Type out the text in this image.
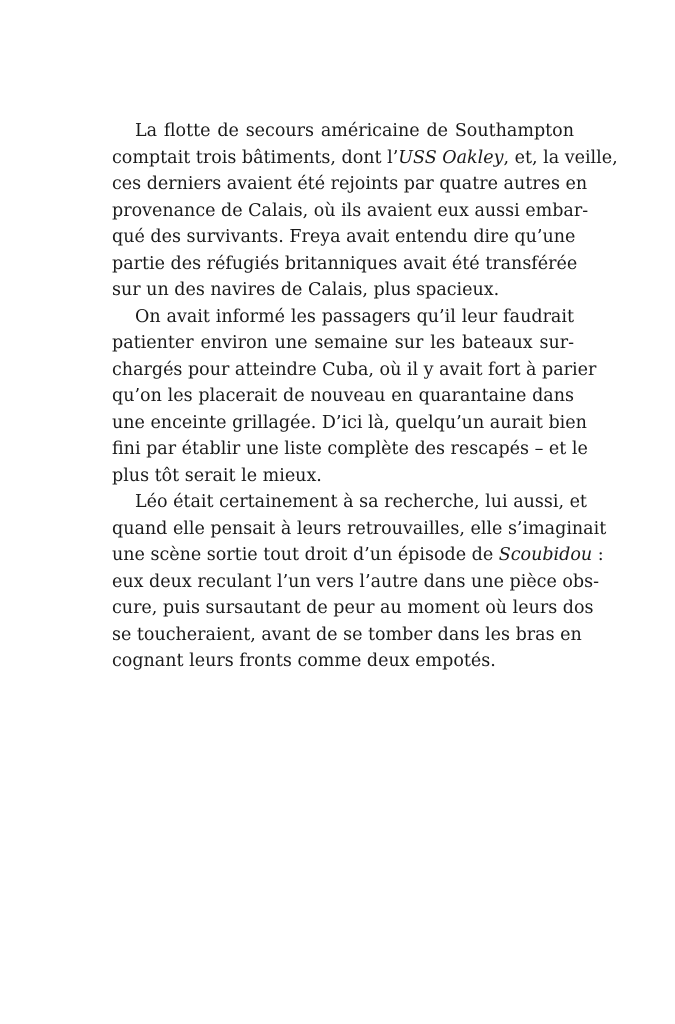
La flotte de secours américaine de Southampton
comptait trois bâtiments, dont l’USS Oakley, et, la veille,
ces derniers avaient été rejoints par quatre autres en
provenance de Calais, où ils avaient eux aussi embar-
qué des survivants. Freya avait entendu dire qu’une
partie des réfugiés britanniques avait été transférée
sur un des navires de Calais, plus spacieux.
On avait informé les passagers qu’il leur faudrait
patienter environ une semaine sur les bateaux sur-
chargés pour atteindre Cuba, où il y avait fort à parier
qu’on les placerait de nouveau en quarantaine dans
une enceinte grillagée. D’ici là, quelqu’un aurait bien
fini par établir une liste complète des rescapés – et le
plus tôt serait le mieux.
Léo était certainement à sa recherche, lui aussi, et
quand elle pensait à leurs retrouvailles, elle s’imaginait
une scène sortie tout droit d’un épisode de Scoubidou :
eux deux reculant l’un vers l’autre dans une pièce obs-
cure, puis sursautant de peur au moment où leurs dos
se toucheraient, avant de se tomber dans les bras en
cognant leurs fronts comme deux empotés.
